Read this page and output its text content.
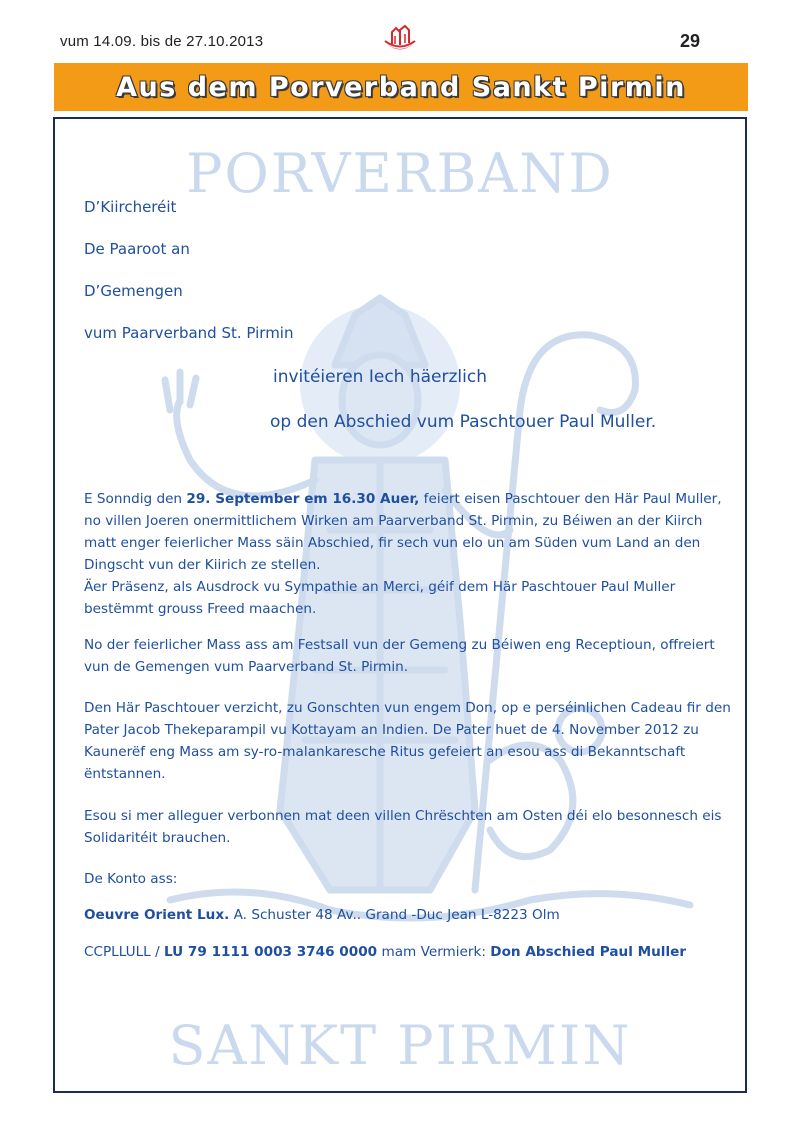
vum 14.09. bis de 27.10.2013	29
Aus dem Porverband Sankt Pirmin
PORVERBAND
SANKT PIRMIN
D’Kiircheréit
De Paaroot an
D’Gemengen
vum Paarverband St. Pirmin
invitéieren Iech häerzlich
op den Abschied vum Paschtouer Paul Muller.
E Sonndig den 29. September em 16.30 Auer, feiert eisen Paschtouer den Här Paul Muller, no villen Joeren onermittlichem Wirken am Paarverband St. Pirmin, zu Béiwen an der Kiirch matt enger feierlicher Mass säin Abschied, fir sech vun elo un am Süden vum Land an den Dingscht vun der Kiirich ze stellen.
Äer Präsenz, als Ausdrock vu Sympathie an Merci, géif dem Här Paschtouer Paul Muller bestëmmt grouss Freed maachen.
No der feierlicher Mass ass am Festsall vun der Gemeng zu Béiwen eng Receptioun, offreiert vun de Gemengen vum Paarverband St. Pirmin.
Den Här Paschtouer verzicht, zu Gonschten vun engem Don, op e perséinlichen Cadeau fir den Pater Jacob Thekeparampil vu Kottayam an Indien. De Pater huet de 4. November 2012 zu Kaunerëf eng Mass am sy-ro-malankaresche Ritus gefeiert an esou ass di Bekanntschaft ëntstannen.
Esou si mer alleguer verbonnen mat deen villen Chrëschten am Osten déi elo besonnesch eis Solidaritéit brauchen.
De Konto ass:
Oeuvre Orient Lux. A. Schuster 48 Av.. Grand -Duc Jean L-8223 Olm
CCPLLULL / LU 79 1111 0003 3746 0000 mam Vermierk: Don Abschied Paul Muller
